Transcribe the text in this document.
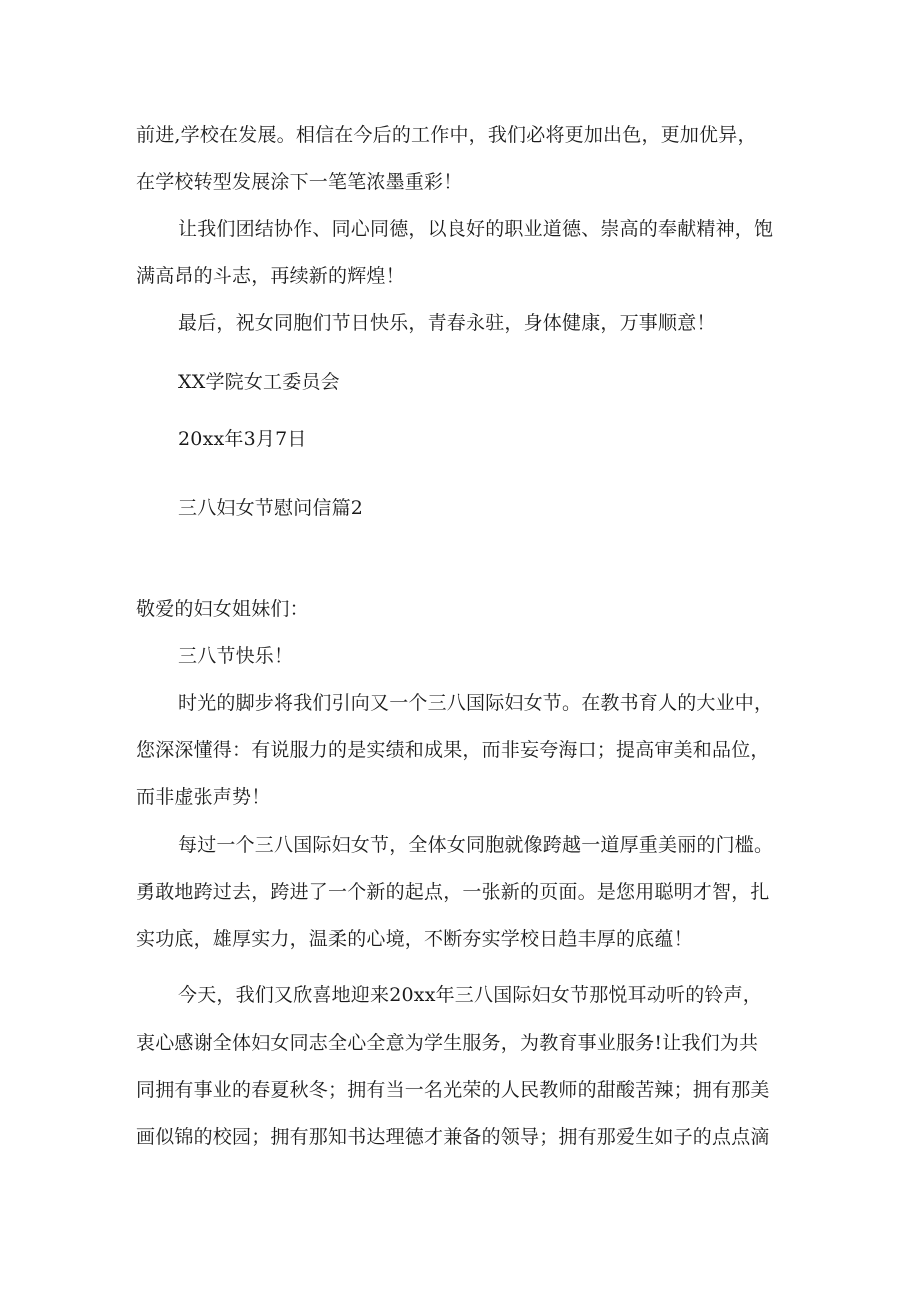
前进,学校在发展。相信在今后的工作中，我们必将更加出色，更加优异，
在学校转型发展涂下一笔笔浓墨重彩！
让我们团结协作、同心同德，以良好的职业道德、崇高的奉献精神，饱
满高昂的斗志，再续新的辉煌！
最后，祝女同胞们节日快乐，青春永驻，身体健康，万事顺意！
XX学院女工委员会
20xx年3月7日
三八妇女节慰问信篇2
敬爱的妇女姐妹们：
三八节快乐！
时光的脚步将我们引向又一个三八国际妇女节。在教书育人的大业中，
您深深懂得：有说服力的是实绩和成果，而非妄夸海口；提高审美和品位，
而非虚张声势！
每过一个三八国际妇女节，全体女同胞就像跨越一道厚重美丽的门槛。
勇敢地跨过去，跨进了一个新的起点，一张新的页面。是您用聪明才智，扎
实功底，雄厚实力，温柔的心境，不断夯实学校日趋丰厚的底蕴！
今天，我们又欣喜地迎来20xx年三八国际妇女节那悦耳动听的铃声，
衷心感谢全体妇女同志全心全意为学生服务，为教育事业服务!让我们为共
同拥有事业的春夏秋冬；拥有当一名光荣的人民教师的甜酸苦辣；拥有那美
画似锦的校园；拥有那知书达理德才兼备的领导；拥有那爱生如子的点点滴
